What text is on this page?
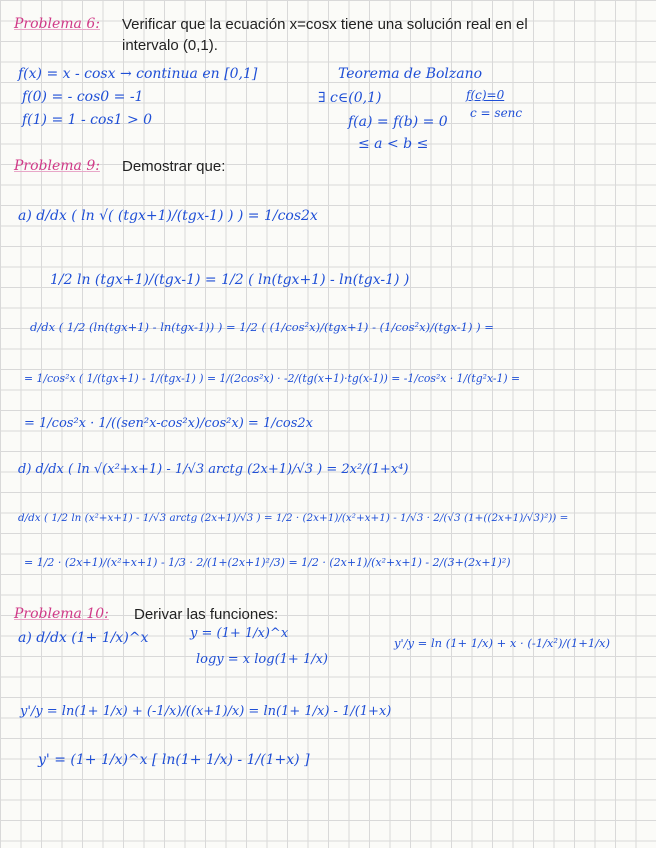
Problema 6: Verificar que la ecuación x=cosx tiene una solución real en el
intervalo (0,1).
f(x) = x - cosx → continua en [0,1]
f(0) = - cos0 = -1
f(1) = 1 - cos1 > 0
Teorema de Bolzano
∃ c∈(0,1)
f(a) = f(b) = 0
≤ a < b ≤
f(c)=0
c = senc
Problema 9: Demostrar que:
a) d/dx ( ln √( (tgx+1)/(tgx-1) ) ) = 1/cos2x
1/2 ln (tgx+1)/(tgx-1) = 1/2 ( ln(tgx+1) - ln(tgx-1) )
d/dx ( 1/2 (ln(tgx+1) - ln(tgx-1)) ) = 1/2 ( (1/cos²x)/(tgx+1) - (1/cos²x)/(tgx-1) ) =
= 1/cos²x ( 1/(tgx+1) - 1/(tgx-1) ) = 1/(2cos²x) · -2/(tg(x+1)·tg(x-1)) = -1/cos²x · 1/(tg²x-1) =
= 1/cos²x · 1/((sen²x-cos²x)/cos²x) = 1/cos2x
d) d/dx ( ln √(x²+x+1) - 1/√3 arctg (2x+1)/√3 ) = 2x²/(1+x⁴)
d/dx ( 1/2 ln (x²+x+1) - 1/√3 arctg (2x+1)/√3 ) = 1/2 · (2x+1)/(x²+x+1) - 1/√3 · 2/(√3 (1+((2x+1)/√3)²)) =
= 1/2 · (2x+1)/(x²+x+1) - 1/3 · 2/(1+(2x+1)²/3) = 1/2 · (2x+1)/(x²+x+1) - 2/(3+(2x+1)²)
Problema 10: Derivar las funciones:
a) d/dx (1+ 1/x)^x	y = (1+ 1/x)^x
logy = x log(1+ 1/x)
y'/y = ln (1+ 1/x) + x · (-1/x²)/(1+1/x)
y'/y = ln(1+ 1/x) + (-1/x)/((x+1)/x) = ln(1+ 1/x) - 1/(1+x)
y' = (1+ 1/x)^x [ ln(1+ 1/x) - 1/(1+x) ]
